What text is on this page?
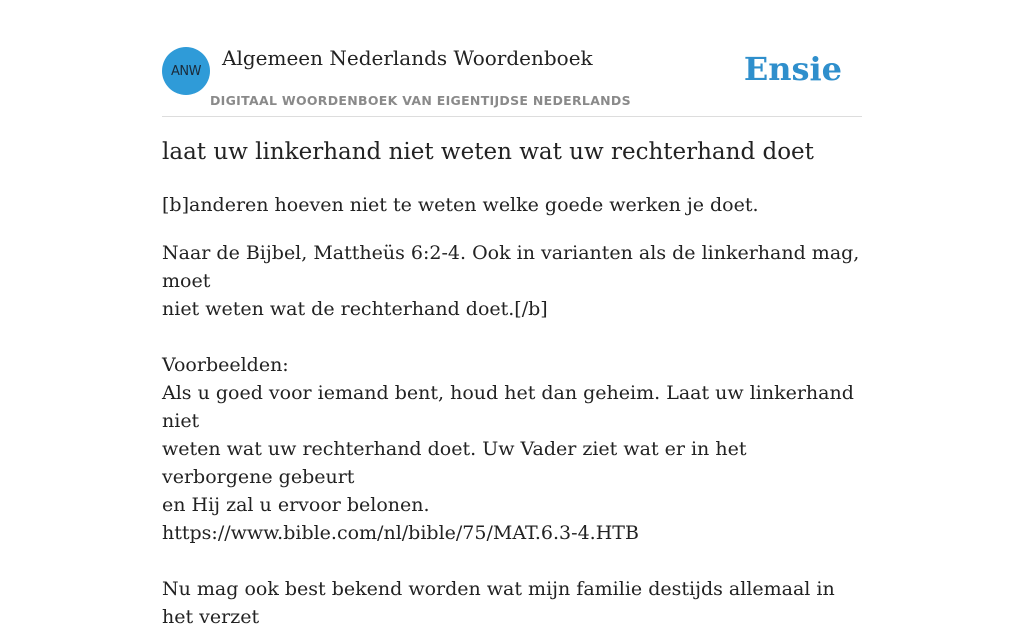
ANW
Algemeen Nederlands Woordenboek
DIGITAAL WOORDENBOEK VAN EIGENTIJDSE NEDERLANDS
Ensie
laat uw linkerhand niet weten wat uw rechterhand doet
[b]anderen hoeven niet te weten welke goede werken je doet.

Naar de Bijbel, Mattheüs 6:2-4. Ook in varianten als de linkerhand mag, moet

niet weten wat de rechterhand doet.[/b]

Voorbeelden:

Als u goed voor iemand bent, houd het dan geheim. Laat uw linkerhand niet

weten wat uw rechterhand doet. Uw Vader ziet wat er in het verborgene gebeurt

en Hij zal u ervoor belonen.

https://www.bible.com/nl/bible/75/MAT.6.3-4.HTB

Nu mag ook best bekend worden wat mijn familie destijds allemaal in het verzet
